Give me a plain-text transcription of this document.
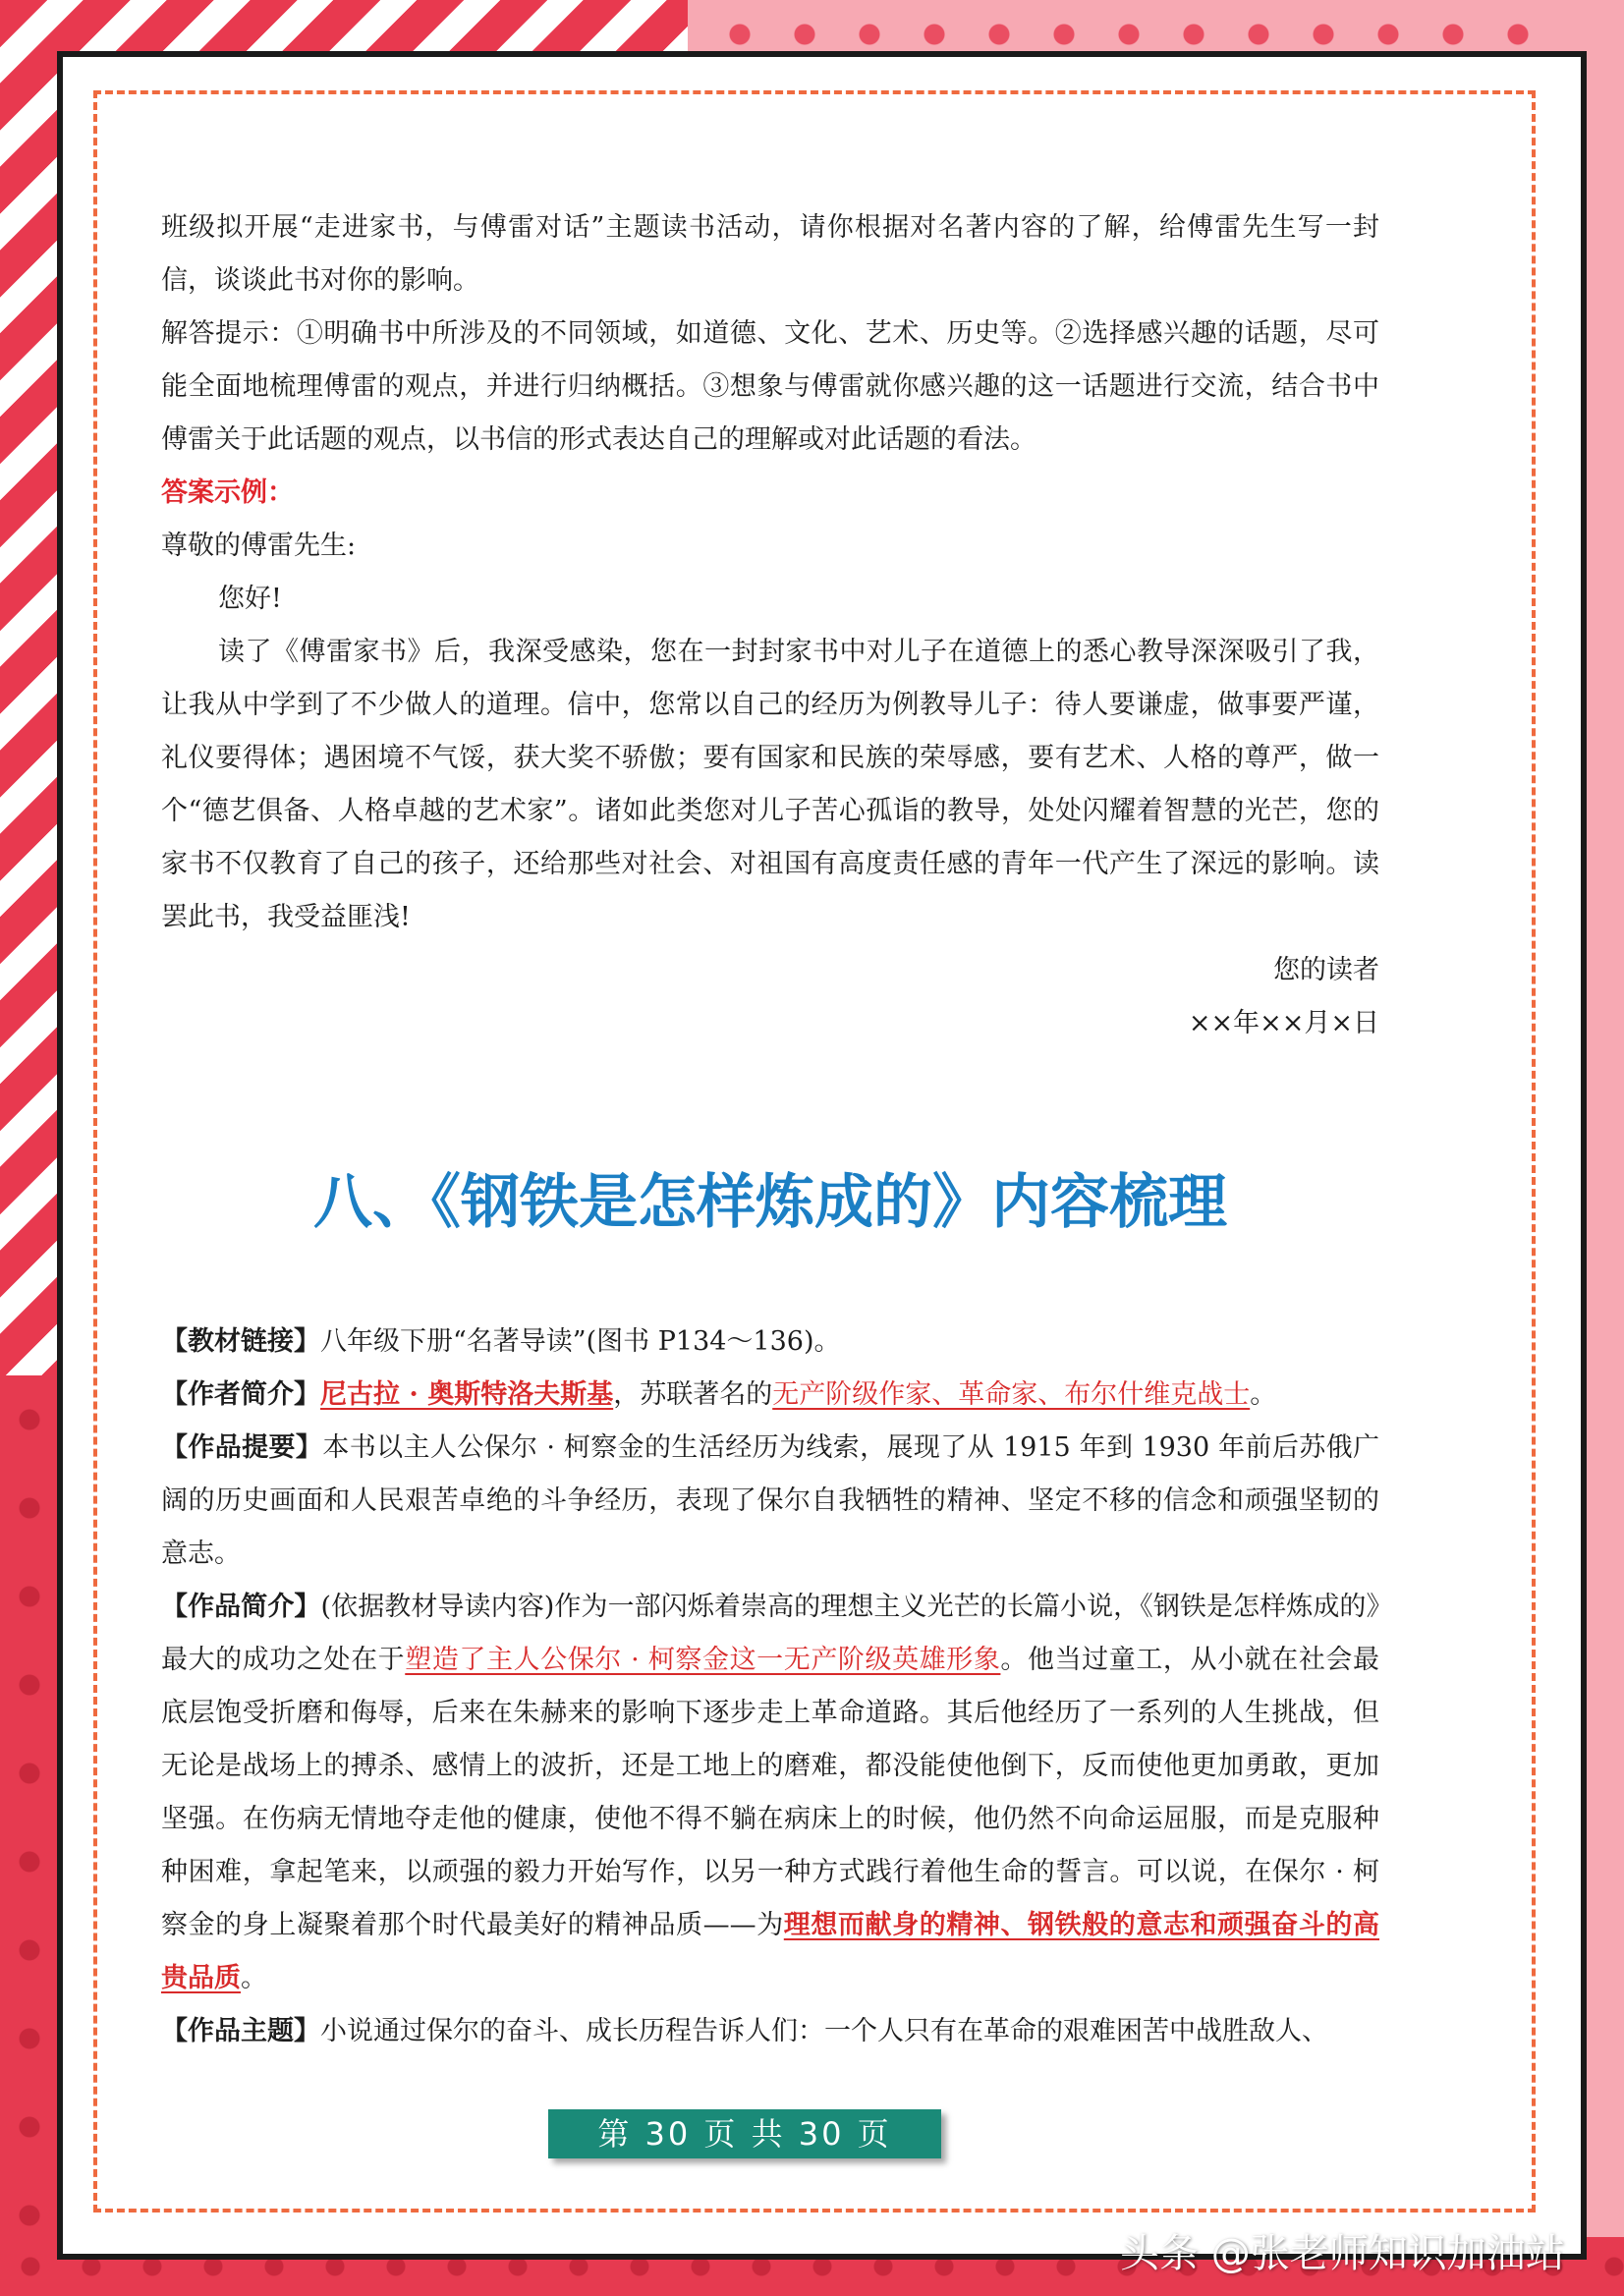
班级拟开展“走进家书，与傅雷对话”主题读书活动，请你根据对名著内容的了解，给傅雷先生写一封信，谈谈此书对你的影响。

解答提示：①明确书中所涉及的不同领域，如道德、文化、艺术、历史等。②选择感兴趣的话题，尽可能全面地梳理傅雷的观点，并进行归纳概括。③想象与傅雷就你感兴趣的这一话题进行交流，结合书中傅雷关于此话题的观点，以书信的形式表达自己的理解或对此话题的看法。

答案示例：

尊敬的傅雷先生:

您好!

读了《傅雷家书》后，我深受感染，您在一封封家书中对儿子在道德上的悉心教导深深吸引了我，让我从中学到了不少做人的道理。信中，您常以自己的经历为例教导儿子：待人要谦虚，做事要严谨，礼仪要得体；遇困境不气馁，获大奖不骄傲；要有国家和民族的荣辱感，要有艺术、人格的尊严，做一个“德艺俱备、人格卓越的艺术家”。诸如此类您对儿子苦心孤诣的教导，处处闪耀着智慧的光芒，您的家书不仅教育了自己的孩子，还给那些对社会、对祖国有高度责任感的青年一代产生了深远的影响。读罢此书，我受益匪浅!

您的读者

××年××月×日

八、《钢铁是怎样炼成的》内容梳理

【教材链接】八年级下册“名著导读”(图书 P134～136)。

【作者简介】尼古拉 · 奥斯特洛夫斯基，苏联著名的无产阶级作家、革命家、布尔什维克战士。

【作品提要】本书以主人公保尔 · 柯察金的生活经历为线索，展现了从 1915 年到 1930 年前后苏俄广阔的历史画面和人民艰苦卓绝的斗争经历，表现了保尔自我牺牲的精神、坚定不移的信念和顽强坚韧的意志。

【作品简介】(依据教材导读内容)作为一部闪烁着崇高的理想主义光芒的长篇小说，《钢铁是怎样炼成的》最大的成功之处在于塑造了主人公保尔 · 柯察金这一无产阶级英雄形象。他当过童工，从小就在社会最底层饱受折磨和侮辱，后来在朱赫来的影响下逐步走上革命道路。其后他经历了一系列的人生挑战，但无论是战场上的搏杀、感情上的波折，还是工地上的磨难，都没能使他倒下，反而使他更加勇敢，更加坚强。在伤病无情地夺走他的健康，使他不得不躺在病床上的时候，他仍然不向命运屈服，而是克服种种困难，拿起笔来，以顽强的毅力开始写作，以另一种方式践行着他生命的誓言。可以说，在保尔 · 柯察金的身上凝聚着那个时代最美好的精神品质——为理想而献身的精神、钢铁般的意志和顽强奋斗的高贵品质。

【作品主题】小说通过保尔的奋斗、成长历程告诉人们：一个人只有在革命的艰难困苦中战胜敌人、

第 30 页 共 30 页
头条 @张老师知识加油站
